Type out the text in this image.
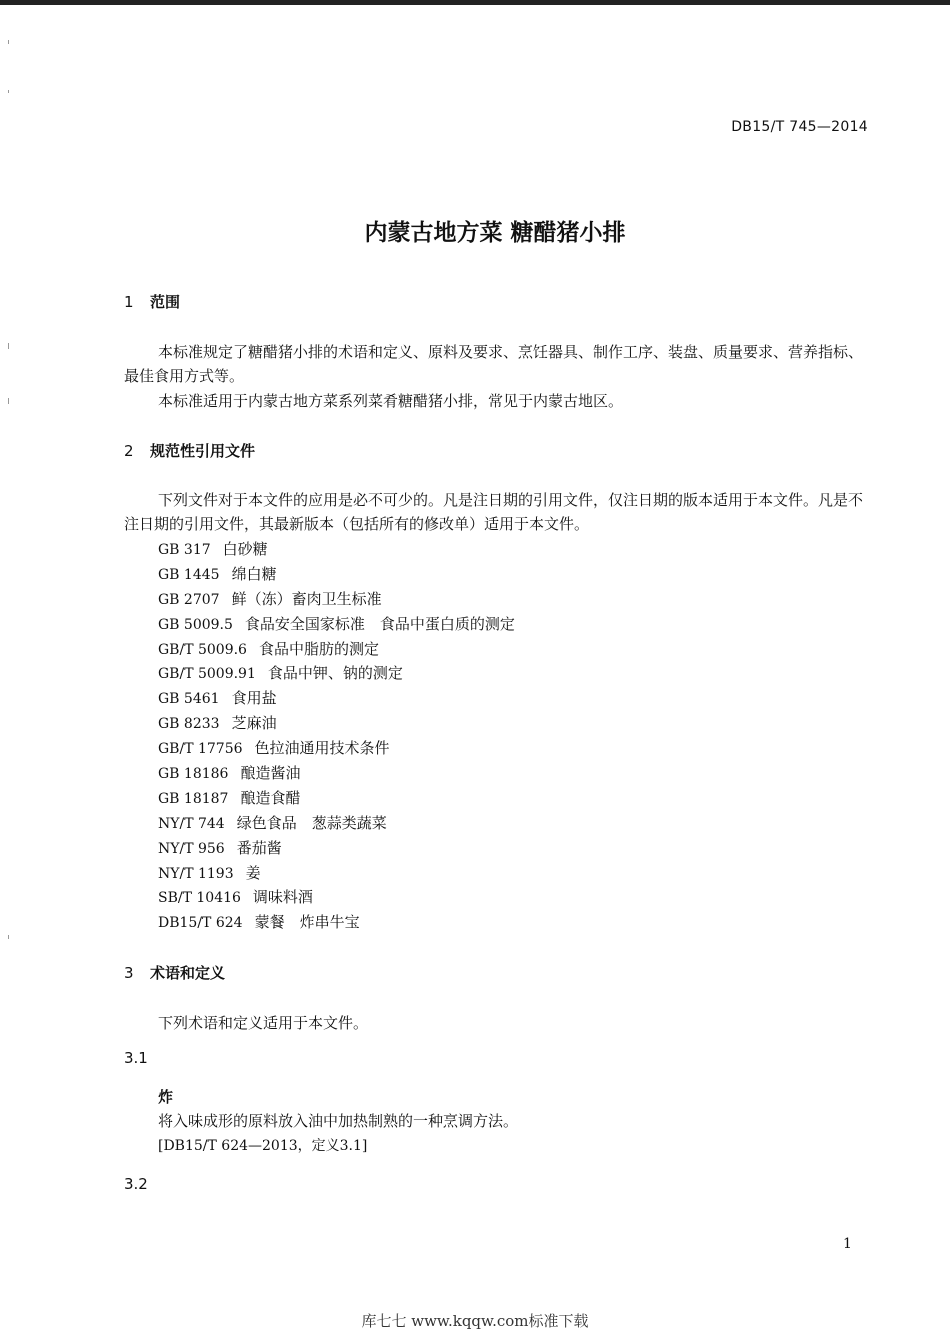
DB15/T 745—2014
内蒙古地方菜 糖醋猪小排
1 范围
本标准规定了糖醋猪小排的术语和定义、原料及要求、烹饪器具、制作工序、装盘、质量要求、营养指标、最佳食用方式等。
本标准适用于内蒙古地方菜系列菜肴糖醋猪小排，常见于内蒙古地区。
2 规范性引用文件
下列文件对于本文件的应用是必不可少的。凡是注日期的引用文件，仅注日期的版本适用于本文件。凡是不注日期的引用文件，其最新版本（包括所有的修改单）适用于本文件。
GB 317 白砂糖
GB 1445 绵白糖
GB 2707 鲜（冻）畜肉卫生标准
GB 5009.5 食品安全国家标准　食品中蛋白质的测定
GB/T 5009.6 食品中脂肪的测定
GB/T 5009.91 食品中钾、钠的测定
GB 5461 食用盐
GB 8233 芝麻油
GB/T 17756 色拉油通用技术条件
GB 18186 酿造酱油
GB 18187 酿造食醋
NY/T 744 绿色食品　葱蒜类蔬菜
NY/T 956 番茄酱
NY/T 1193 姜
SB/T 10416 调味料酒
DB15/T 624 蒙餐　炸串牛宝
3 术语和定义
下列术语和定义适用于本文件。
3.1
炸
将入味成形的原料放入油中加热制熟的一种烹调方法。
[DB15/T 624—2013，定义3.1]
3.2
1
库七七 www.kqqw.com标准下载
